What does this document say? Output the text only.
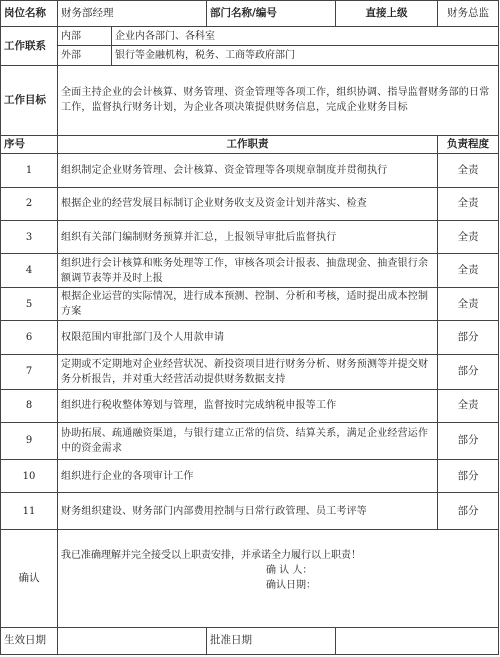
岗位名称	财务部经理		部门名称/编号	直接上级	财务总监
工作联系	内部	企业内各部门、各科室			
	外部	银行等金融机构，税务、工商等政府部门			
工作目标	全面主持企业的会计核算、财务管理、资金管理等各项工作，组织协调、指导监督财务部的日常工作，监督执行财务计划，为企业各项决策提供财务信息，完成企业财务目标				
序号	工作职责				负责程度
1	组织制定企业财务管理、会计核算、资金管理等各项规章制度并贯彻执行				全责
2	根据企业的经营发展目标制订企业财务收支及资金计划并落实、检查				全责
3	组织有关部门编制财务预算并汇总，上报领导审批后监督执行				全责
4	组织进行会计核算和账务处理等工作，审核各项会计报表、抽盘现金、抽查银行余额调节表等并及时上报				全责
5	根据企业运营的实际情况，进行成本预测、控制、分析和考核，适时提出成本控制方案				全责
6	权限范围内审批部门及个人用款申请				部分
7	定期或不定期地对企业经营状况、新投资项目进行财务分析、财务预测等并提交财务分析报告，并对重大经营活动提供财务数据支持				部分
8	组织进行税收整体筹划与管理，监督按时完成纳税申报等工作				全责
9	协助拓展、疏通融资渠道，与银行建立正常的信贷、结算关系，满足企业经营运作中的资金需求				部分
10	组织进行企业的各项审计工作				部分
11	财务组织建设、财务部门内部费用控制与日常行政管理、员工考评等				部分
确认	我已准确理解并完全接受以上职责安排，并承诺全力履行以上职责！
确 认 人：
确认日期：				

生效日期			批准日期		
